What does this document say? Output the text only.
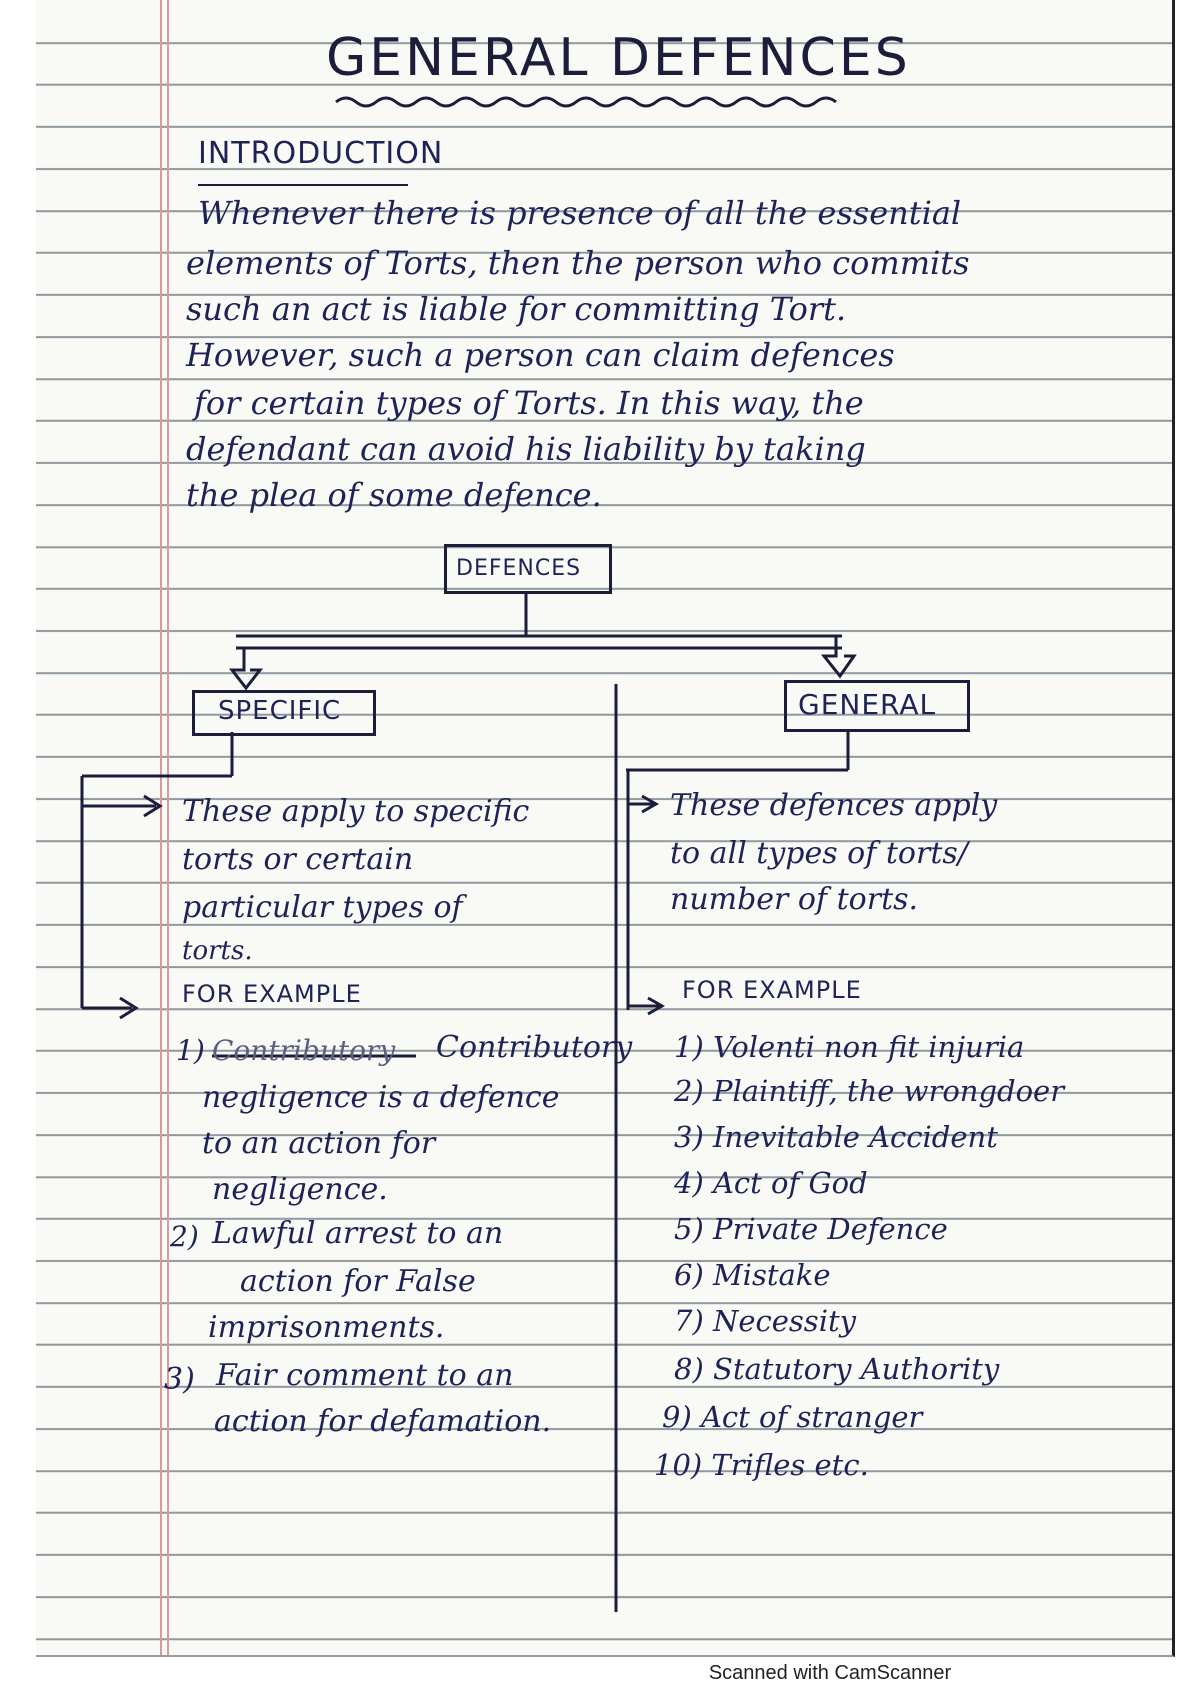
GENERAL DEFENCES
INTRODUCTION
Whenever there is presence of all the essential
elements of Torts, then the person who commits
such an act is liable for committing Tort.
However, such a person can claim defences
for certain types of Torts. In this way, the
defendant can avoid his liability by taking
the plea of some defence.
DEFENCES
SPECIFIC	GENERAL
These apply to specific
torts or certain
particular types of
torts.
FOR EXAMPLE
1) Contributory Contributory
negligence is a defence
to an action for
negligence.
2) Lawful arrest to an
action for False
imprisonments.
3) Fair comment to an
action for defamation.
These defences apply
to all types of torts/
number of torts.
FOR EXAMPLE
1) Volenti non fit injuria
2) Plaintiff, the wrongdoer
3) Inevitable Accident
4) Act of God
5) Private Defence
6) Mistake
7) Necessity
8) Statutory Authority
9) Act of stranger
10) Trifles etc.
Scanned with CamScanner
